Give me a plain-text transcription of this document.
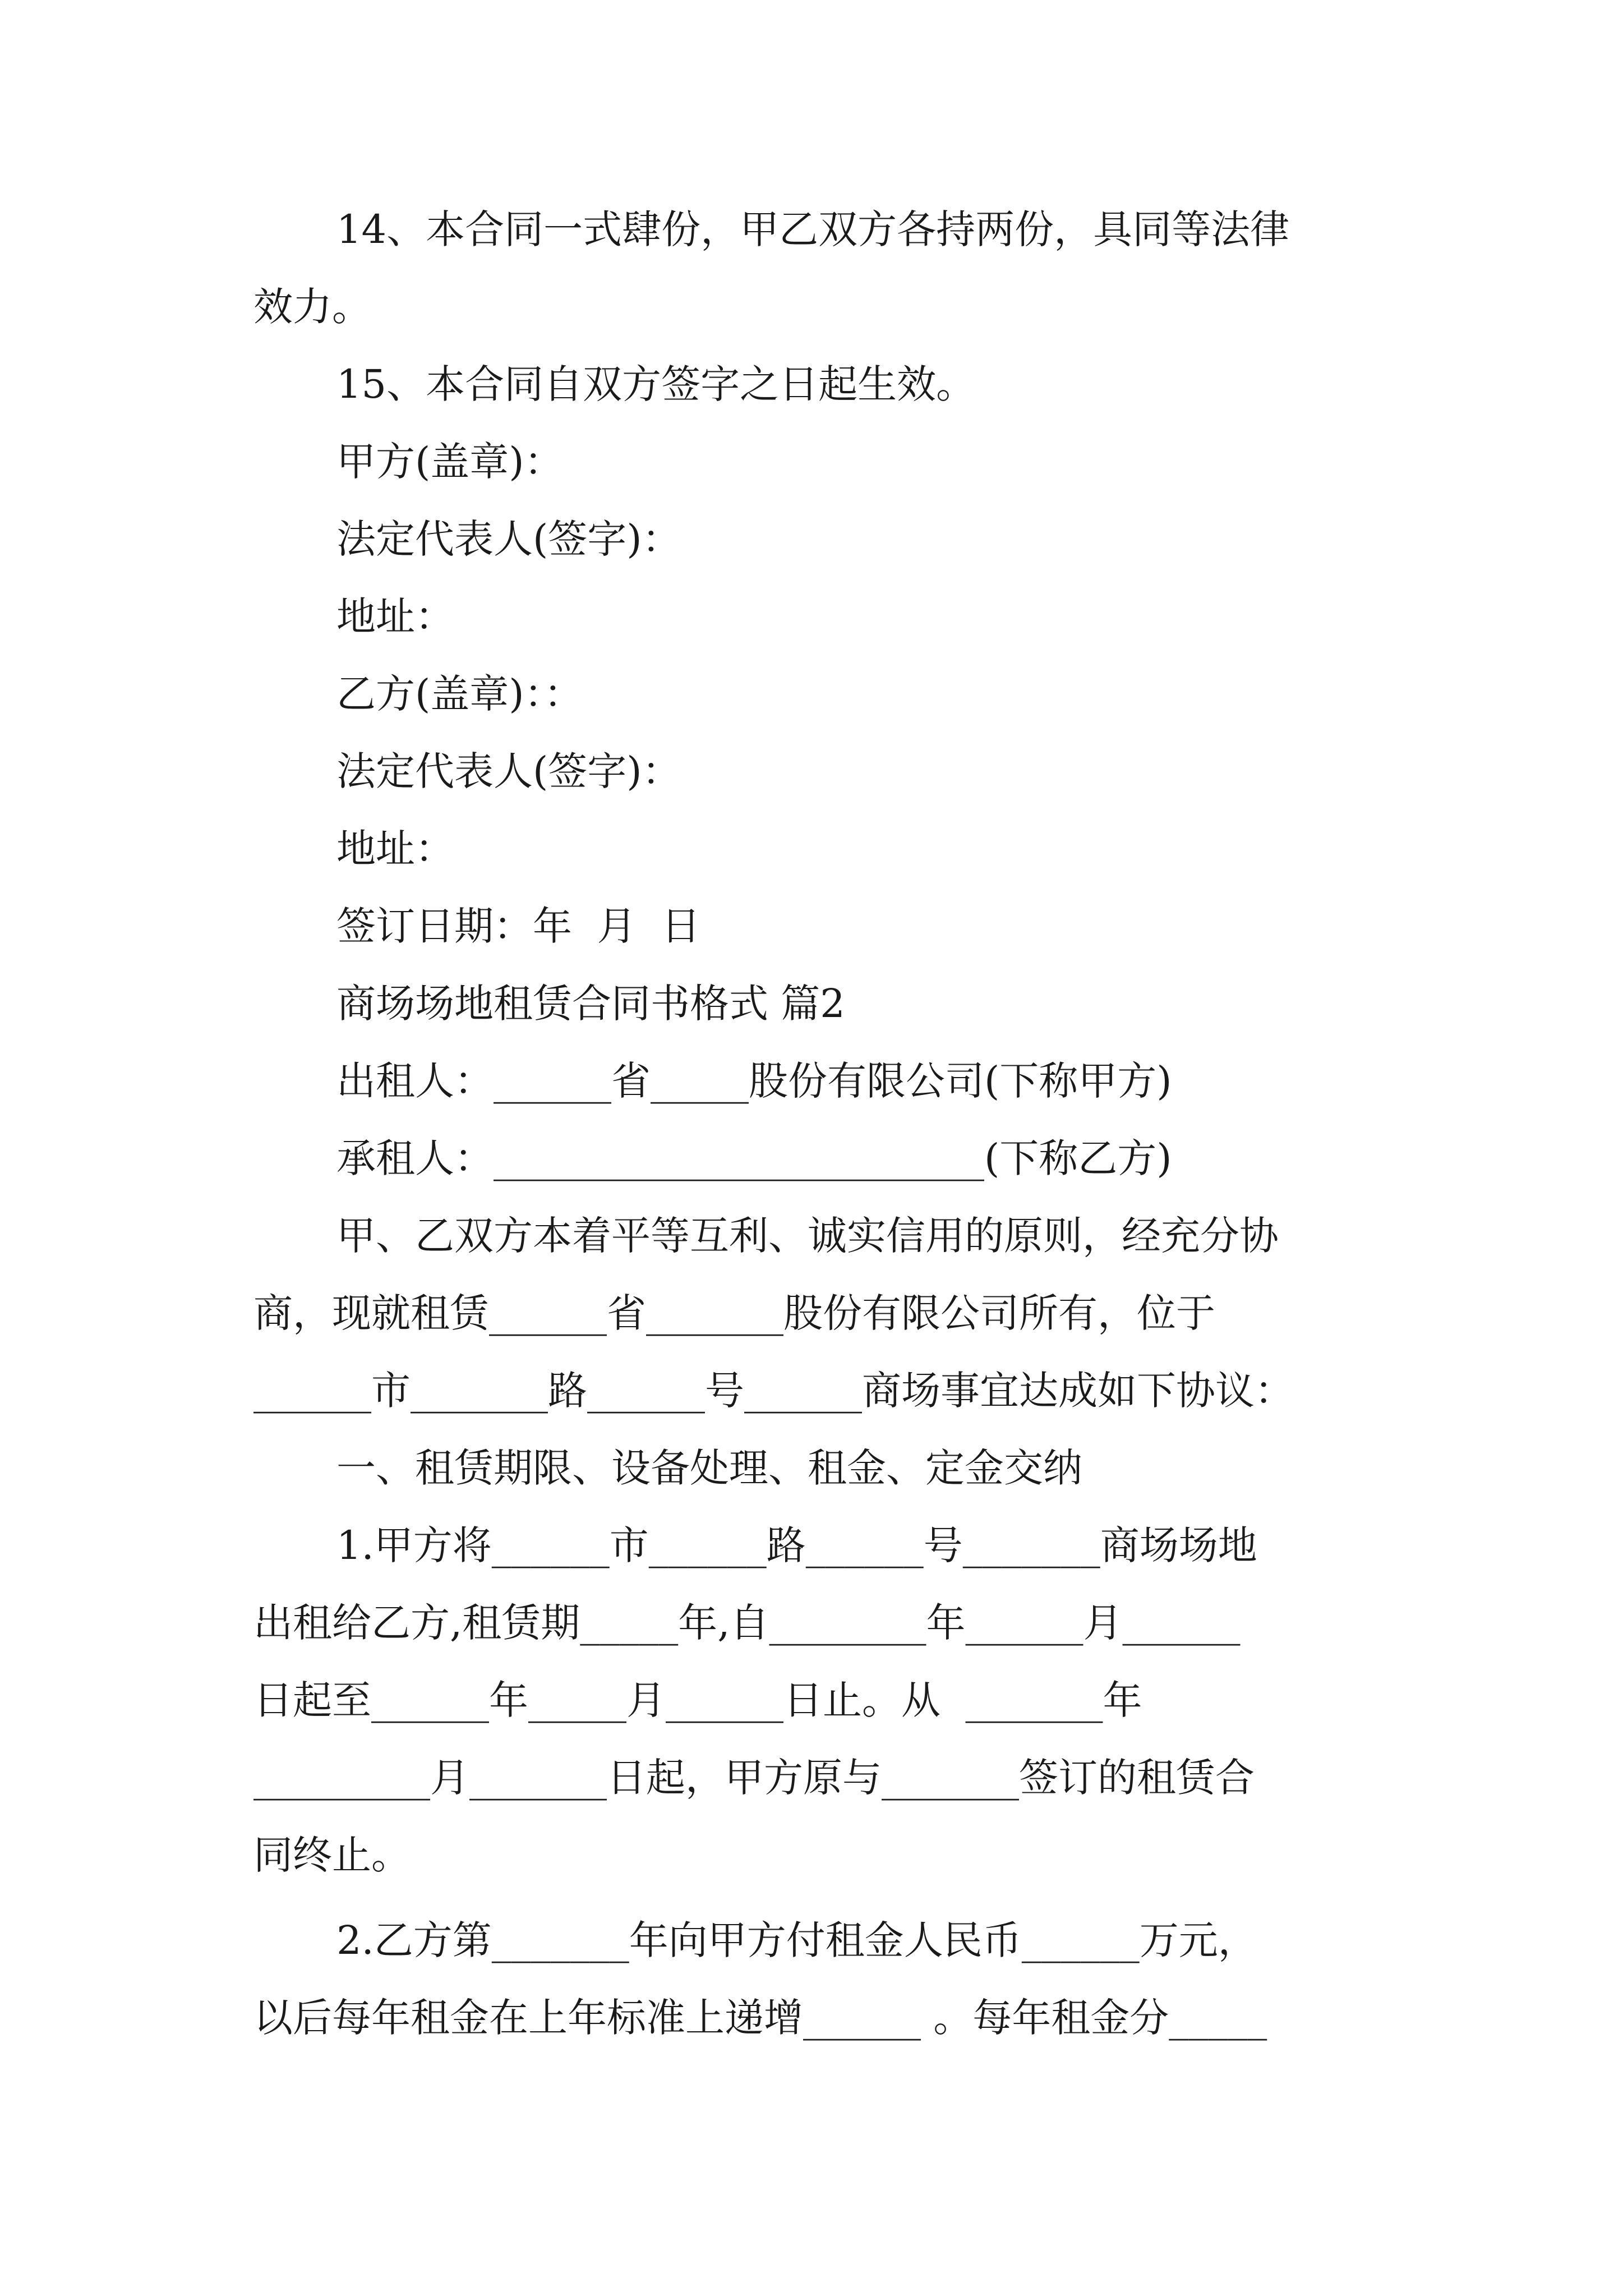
14、本合同一式肆份，甲乙双方各持两份，具同等法律

效力。

15、本合同自双方签字之日起生效。

甲方(盖章)：

法定代表人(签字)：

地址：

乙方(盖章)：：

法定代表人(签字)：

地址：

签订日期：年  月  日

商场场地租赁合同书格式 篇2

出租人：______省_____股份有限公司(下称甲方)

承租人：_________________________(下称乙方)

甲、乙双方本着平等互利、诚实信用的原则，经充分协

商，现就租赁______省_______股份有限公司所有，位于

______市_______路______号______商场事宜达成如下协议：

一、租赁期限、设备处理、租金、定金交纳

1.甲方将______市______路______号_______商场场地

出租给乙方,租赁期_____年,自________年______月______

日起至______年_____月______日止。从  _______年

_________月_______日起，甲方原与_______签订的租赁合

同终止。

2.乙方第_______年向甲方付租金人民币______万元，

以后每年租金在上年标准上递增______ 。每年租金分_____
